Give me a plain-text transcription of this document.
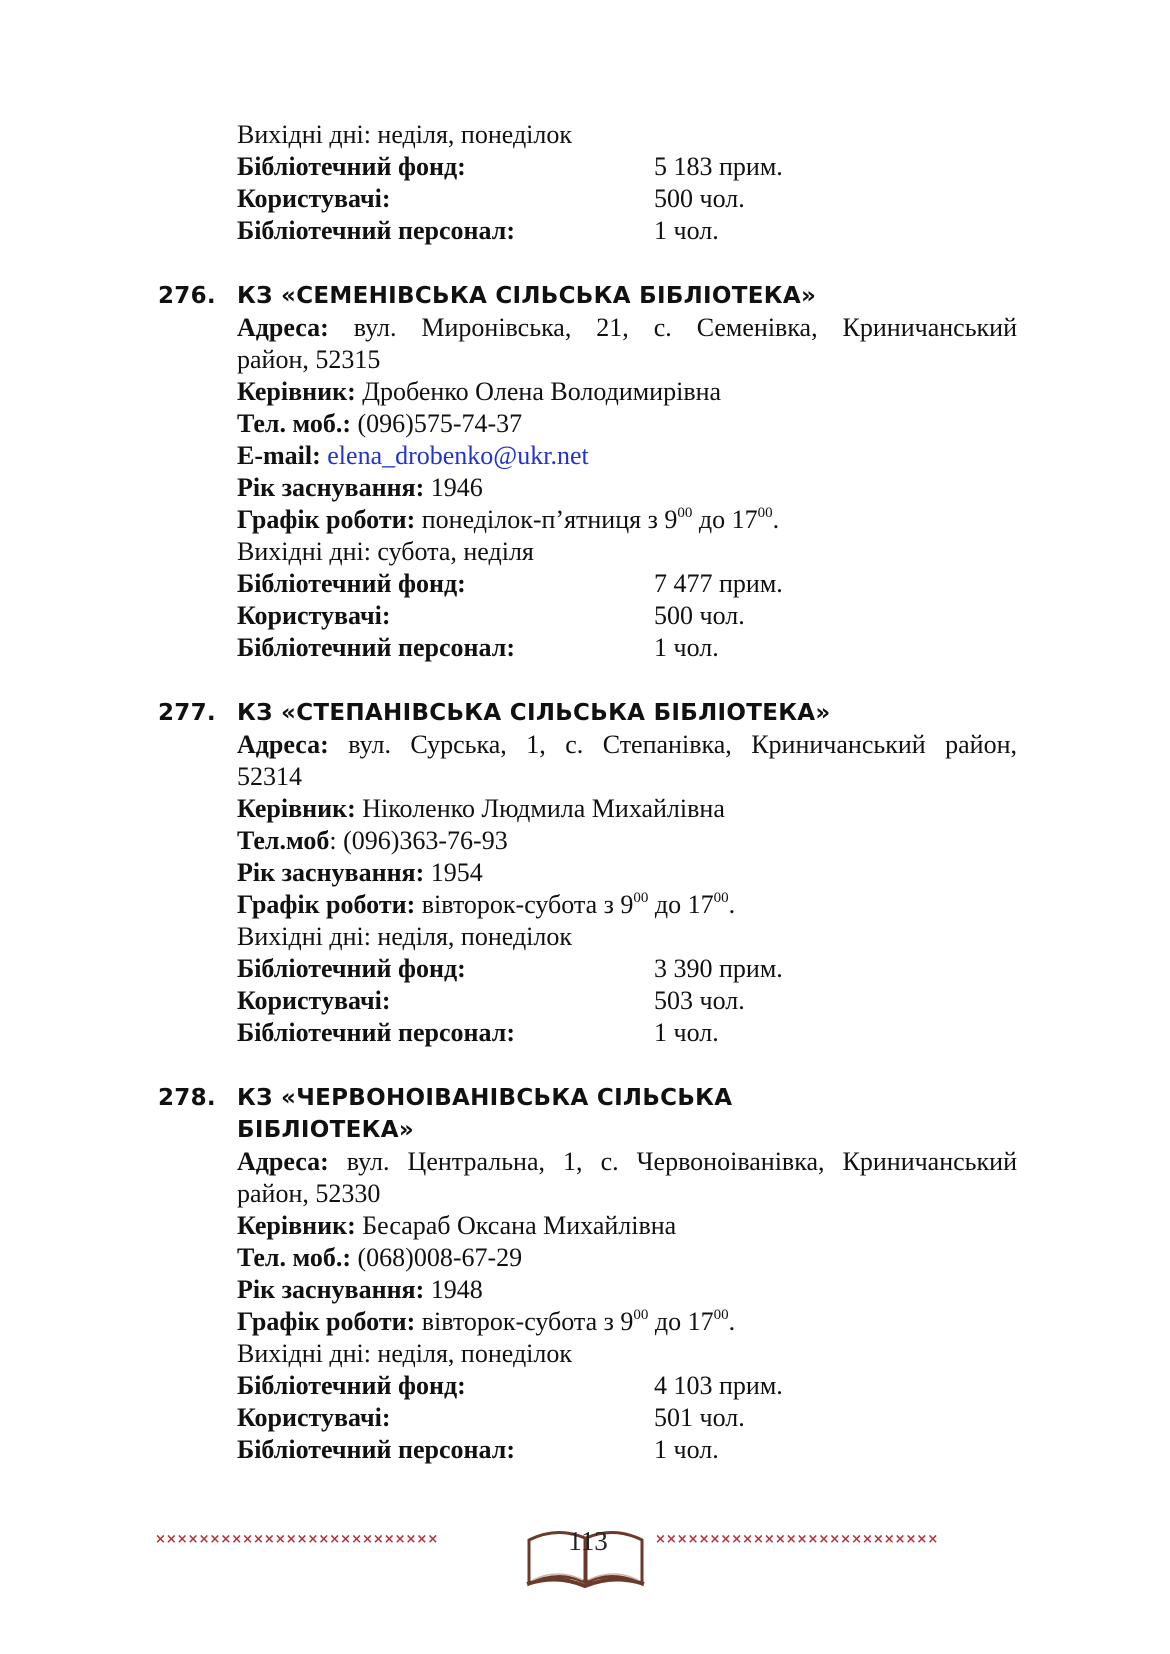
Вихідні дні: неділя, понеділок
Бібліотечний фонд:	5 183 прим.
Користувачі:	500 чол.
Бібліотечний персонал:	1 чол.
276. КЗ «СЕМЕНІВСЬКА СІЛЬСЬКА БІБЛІОТЕКА»
Адреса: вул. Миронівська, 21, с. Семенівка, Криничанський
район, 52315
Керівник: Дробенко Олена Володимирівна
Тел. моб.: (096)575-74-37
E-mail: elena_drobenko@ukr.net
Рік заснування: 1946
Графік роботи: понеділок-п’ятниця з $9^{00}$ до $17^{00}$.
Вихідні дні: субота, неділя
Бібліотечний фонд:	7 477 прим.
Користувачі:	500 чол.
Бібліотечний персонал:	1 чол.
277. КЗ «СТЕПАНІВСЬКА СІЛЬСЬКА БІБЛІОТЕКА»
Адреса: вул. Сурська, 1, с. Степанівка, Криничанський район,
52314
Керівник: Ніколенко Людмила Михайлівна
Тел.моб: (096)363-76-93
Рік заснування: 1954
Графік роботи: вівторок-субота з $9^{00}$ до $17^{00}$.
Вихідні дні: неділя, понеділок
Бібліотечний фонд:	3 390 прим.
Користувачі:	503 чол.
Бібліотечний персонал:	1 чол.
278. КЗ «ЧЕРВОНОІВАНІВСЬКА СІЛЬСЬКА
БІБЛІОТЕКА»
Адреса: вул. Центральна, 1, с. Червоноіванівка, Криничанський
район, 52330
Керівник: Бесараб Оксана Михайлівна
Тел. моб.: (068)008-67-29
Рік заснування: 1948
Графік роботи: вівторок-субота з $9^{00}$ до $17^{00}$.
Вихідні дні: неділя, понеділок
Бібліотечний фонд:	4 103 прим.
Користувачі:	501 чол.
Бібліотечний персонал:	1 чол.
××××××××××××××××××××××××××	××××××××××××××××××××××××××
113
